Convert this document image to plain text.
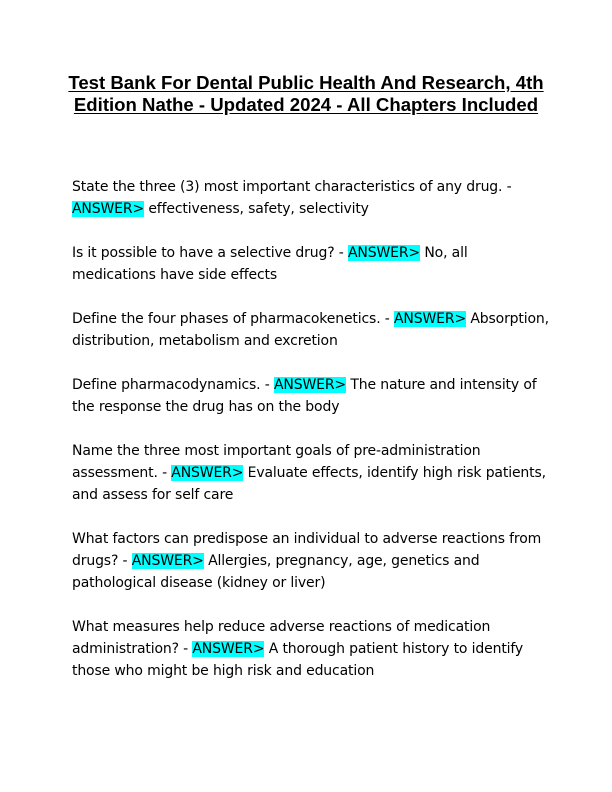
Test Bank For Dental Public Health And Research, 4th Edition Nathe - Updated 2024 - All Chapters Included

State the three (3) most important characteristics of any drug. - ANSWER> effectiveness, safety, selectivity

Is it possible to have a selective drug? - ANSWER> No, all medications have side effects

Define the four phases of pharmacokenetics. - ANSWER> Absorption, distribution, metabolism and excretion

Define pharmacodynamics. - ANSWER> The nature and intensity of the response the drug has on the body

Name the three most important goals of pre-administration assessment. - ANSWER> Evaluate effects, identify high risk patients, and assess for self care

What factors can predispose an individual to adverse reactions from drugs? - ANSWER> Allergies, pregnancy, age, genetics and pathological disease (kidney or liver)

What measures help reduce adverse reactions of medication administration? - ANSWER> A thorough patient history to identify those who might be high risk and education
